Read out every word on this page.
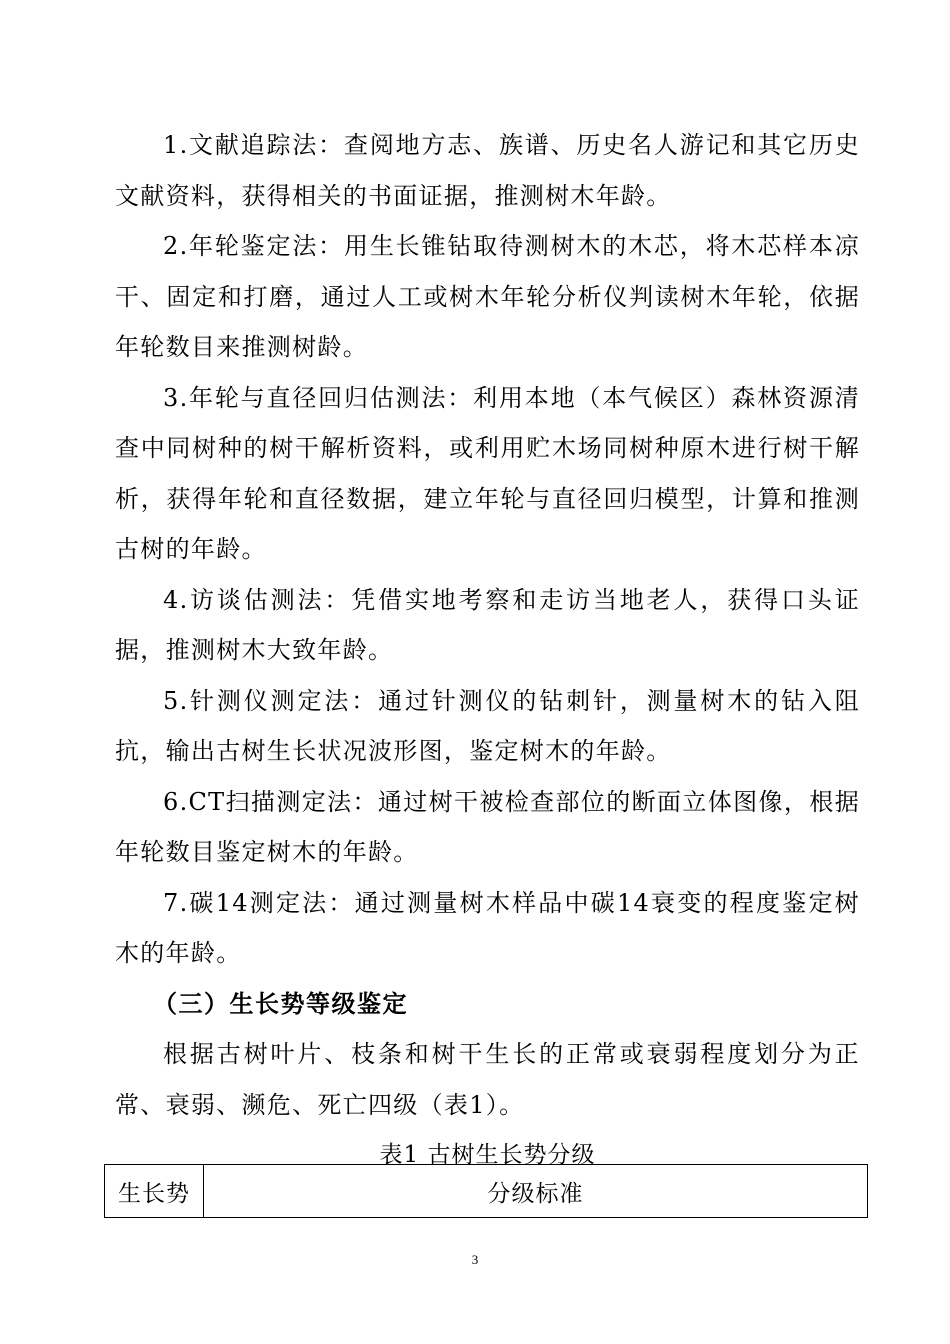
1.文献追踪法：查阅地方志、族谱、历史名人游记和其它历史文献资料，获得相关的书面证据，推测树木年龄。

2.年轮鉴定法：用生长锥钻取待测树木的木芯，将木芯样本凉干、固定和打磨，通过人工或树木年轮分析仪判读树木年轮，依据年轮数目来推测树龄。

3.年轮与直径回归估测法：利用本地（本气候区）森林资源清查中同树种的树干解析资料，或利用贮木场同树种原木进行树干解析，获得年轮和直径数据，建立年轮与直径回归模型，计算和推测古树的年龄。

4.访谈估测法：凭借实地考察和走访当地老人，获得口头证据，推测树木大致年龄。

5.针测仪测定法：通过针测仪的钻刺针，测量树木的钻入阻抗，输出古树生长状况波形图，鉴定树木的年龄。

6.CT扫描测定法：通过树干被检查部位的断面立体图像，根据年轮数目鉴定树木的年龄。

7.碳14测定法：通过测量树木样品中碳14衰变的程度鉴定树木的年龄。

（三）生长势等级鉴定

根据古树叶片、枝条和树干生长的正常或衰弱程度划分为正常、衰弱、濒危、死亡四级（表1）。

表1 古树生长势分级

生长势	分级标准
3
